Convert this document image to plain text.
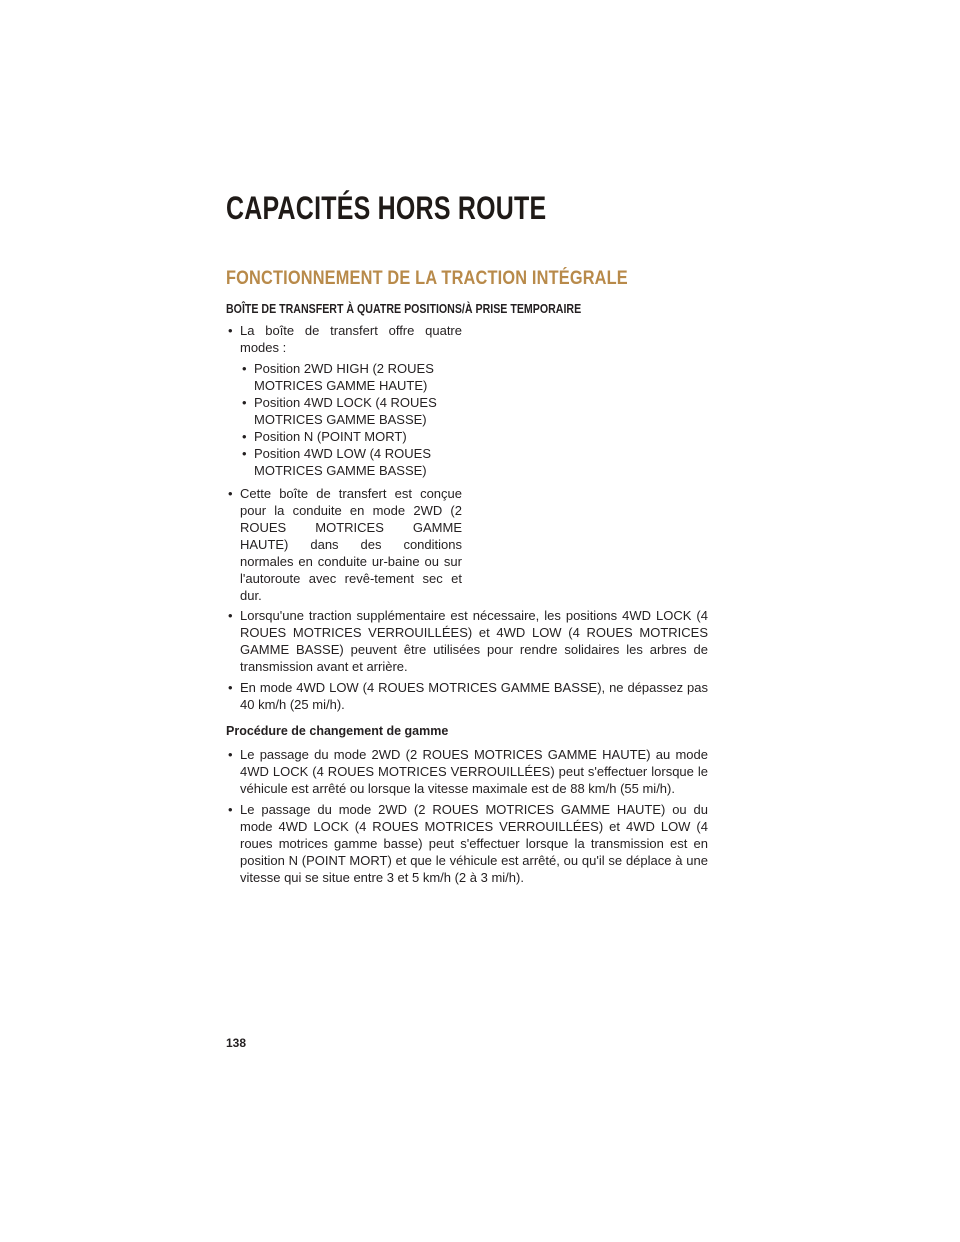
CAPACITÉS HORS ROUTE
FONCTIONNEMENT DE LA TRACTION INTÉGRALE
BOÎTE DE TRANSFERT À QUATRE POSITIONS/À PRISE TEMPORAIRE
• La boîte de transfert offre quatre modes :
• Position 2WD HIGH (2 ROUES MOTRICES GAMME HAUTE)
• Position 4WD LOCK (4 ROUES MOTRICES GAMME BASSE)
• Position N (POINT MORT)
• Position 4WD LOW (4 ROUES MOTRICES GAMME BASSE)
• Cette boîte de transfert est conçue pour la conduite en mode 2WD (2 ROUES MOTRICES GAMME HAUTE) dans des conditions normales en conduite ur-baine ou sur l'autoroute avec revê-tement sec et dur.
• Lorsqu'une traction supplémentaire est nécessaire, les positions 4WD LOCK (4 ROUES MOTRICES VERROUILLÉES) et 4WD LOW (4 ROUES MOTRICES GAMME BASSE) peuvent être utilisées pour rendre solidaires les arbres de transmission avant et arrière.
• En mode 4WD LOW (4 ROUES MOTRICES GAMME BASSE), ne dépassez pas 40 km/h (25 mi/h).
Procédure de changement de gamme
• Le passage du mode 2WD (2 ROUES MOTRICES GAMME HAUTE) au mode 4WD LOCK (4 ROUES MOTRICES VERROUILLÉES) peut s'effectuer lorsque le véhicule est arrêté ou lorsque la vitesse maximale est de 88 km/h (55 mi/h).
• Le passage du mode 2WD (2 ROUES MOTRICES GAMME HAUTE) ou du mode 4WD LOCK (4 ROUES MOTRICES VERROUILLÉES) et 4WD LOW (4 roues motrices gamme basse) peut s'effectuer lorsque la transmission est en position N (POINT MORT) et que le véhicule est arrêté, ou qu'il se déplace à une vitesse qui se situe entre 3 et 5 km/h (2 à 3 mi/h).
138
